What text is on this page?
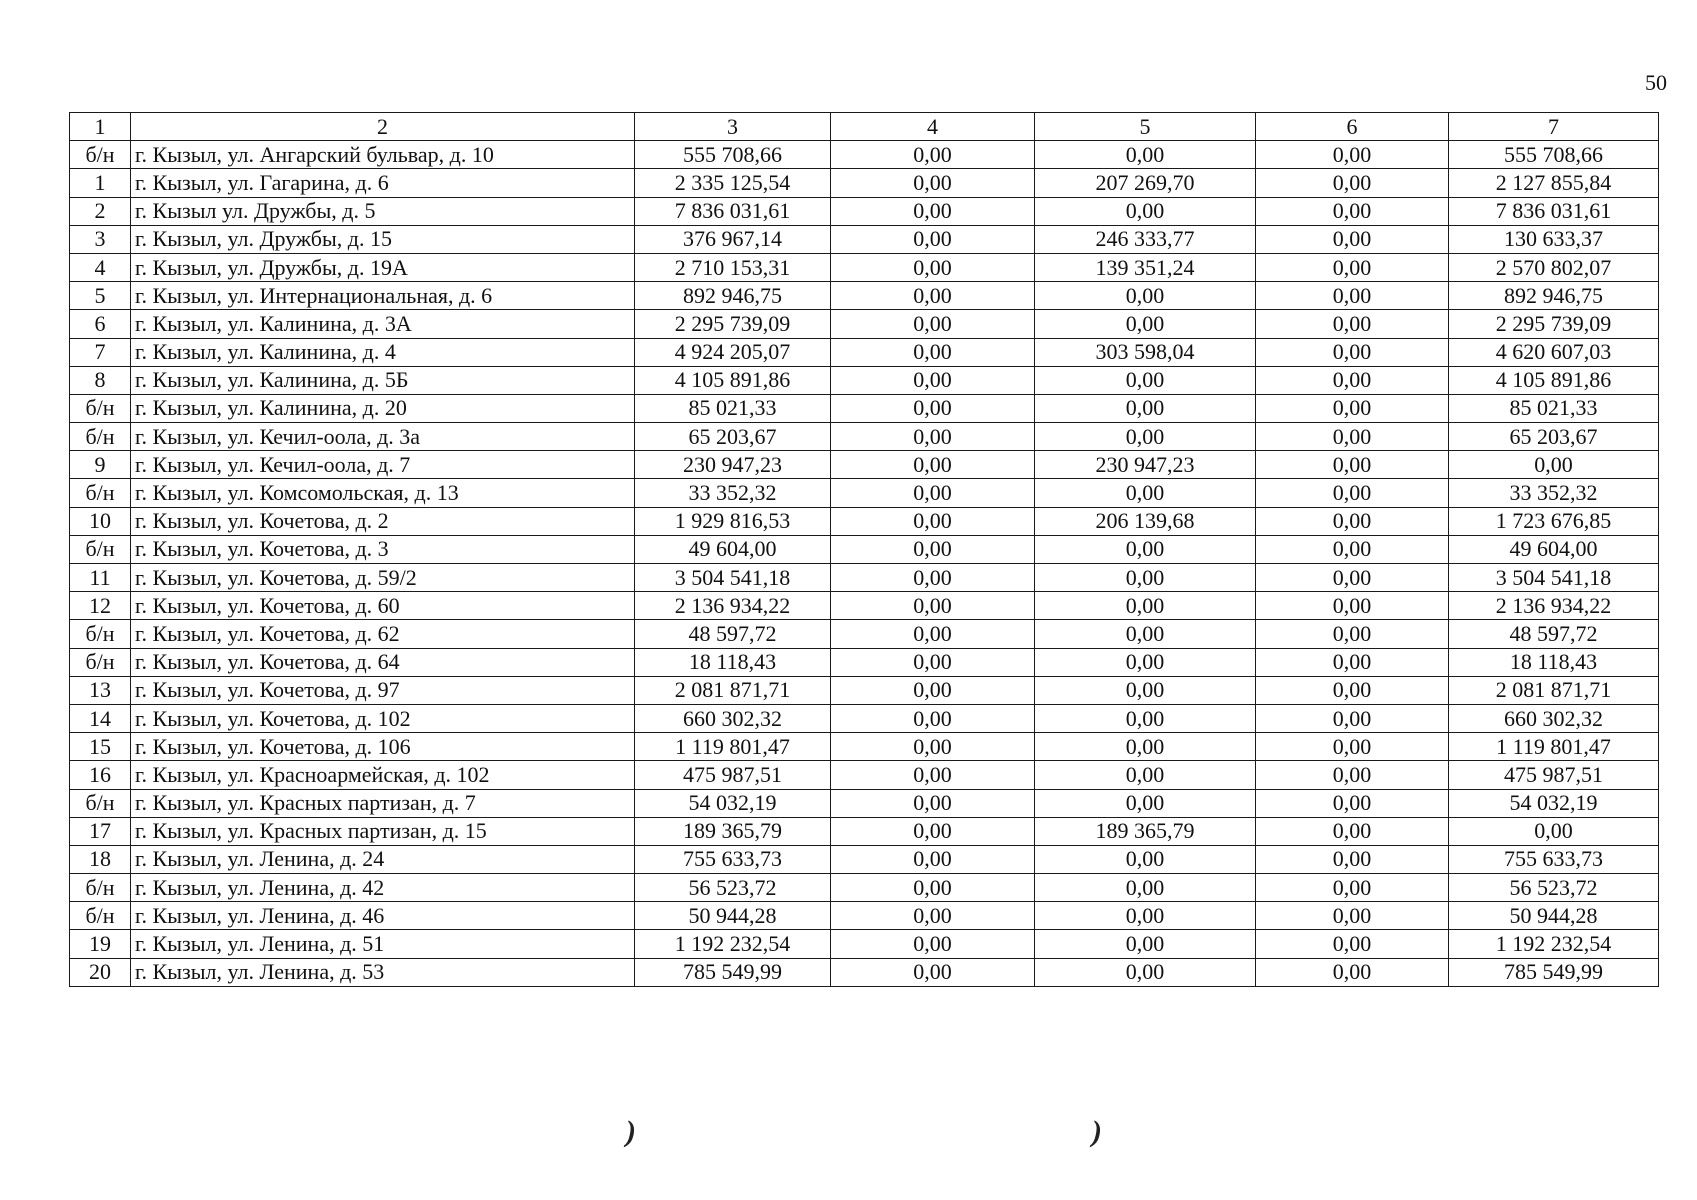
50
1	2	3	4	5	6	7
б/н	г. Кызыл, ул. Ангарский бульвар, д. 10	555 708,66	0,00	0,00	0,00	555 708,66
1	г. Кызыл, ул. Гагарина, д. 6	2 335 125,54	0,00	207 269,70	0,00	2 127 855,84
2	г. Кызыл ул. Дружбы, д. 5	7 836 031,61	0,00	0,00	0,00	7 836 031,61
3	г. Кызыл, ул. Дружбы, д. 15	376 967,14	0,00	246 333,77	0,00	130 633,37
4	г. Кызыл, ул. Дружбы, д. 19А	2 710 153,31	0,00	139 351,24	0,00	2 570 802,07
5	г. Кызыл, ул. Интернациональная, д. 6	892 946,75	0,00	0,00	0,00	892 946,75
6	г. Кызыл, ул. Калинина, д. 3А	2 295 739,09	0,00	0,00	0,00	2 295 739,09
7	г. Кызыл, ул. Калинина, д. 4	4 924 205,07	0,00	303 598,04	0,00	4 620 607,03
8	г. Кызыл, ул. Калинина, д. 5Б	4 105 891,86	0,00	0,00	0,00	4 105 891,86
б/н	г. Кызыл, ул. Калинина, д. 20	85 021,33	0,00	0,00	0,00	85 021,33
б/н	г. Кызыл, ул. Кечил-оола, д. 3а	65 203,67	0,00	0,00	0,00	65 203,67
9	г. Кызыл, ул. Кечил-оола, д. 7	230 947,23	0,00	230 947,23	0,00	0,00
б/н	г. Кызыл, ул. Комсомольская, д. 13	33 352,32	0,00	0,00	0,00	33 352,32
10	г. Кызыл, ул. Кочетова, д. 2	1 929 816,53	0,00	206 139,68	0,00	1 723 676,85
б/н	г. Кызыл, ул. Кочетова, д. 3	49 604,00	0,00	0,00	0,00	49 604,00
11	г. Кызыл, ул. Кочетова, д. 59/2	3 504 541,18	0,00	0,00	0,00	3 504 541,18
12	г. Кызыл, ул. Кочетова, д. 60	2 136 934,22	0,00	0,00	0,00	2 136 934,22
б/н	г. Кызыл, ул. Кочетова, д. 62	48 597,72	0,00	0,00	0,00	48 597,72
б/н	г. Кызыл, ул. Кочетова, д. 64	18 118,43	0,00	0,00	0,00	18 118,43
13	г. Кызыл, ул. Кочетова, д. 97	2 081 871,71	0,00	0,00	0,00	2 081 871,71
14	г. Кызыл, ул. Кочетова, д. 102	660 302,32	0,00	0,00	0,00	660 302,32
15	г. Кызыл, ул. Кочетова, д. 106	1 119 801,47	0,00	0,00	0,00	1 119 801,47
16	г. Кызыл, ул. Красноармейская, д. 102	475 987,51	0,00	0,00	0,00	475 987,51
б/н	г. Кызыл, ул. Красных партизан, д. 7	54 032,19	0,00	0,00	0,00	54 032,19
17	г. Кызыл, ул. Красных партизан, д. 15	189 365,79	0,00	189 365,79	0,00	0,00
18	г. Кызыл, ул. Ленина, д. 24	755 633,73	0,00	0,00	0,00	755 633,73
б/н	г. Кызыл, ул. Ленина, д. 42	56 523,72	0,00	0,00	0,00	56 523,72
б/н	г. Кызыл, ул. Ленина, д. 46	50 944,28	0,00	0,00	0,00	50 944,28
19	г. Кызыл, ул. Ленина, д. 51	1 192 232,54	0,00	0,00	0,00	1 192 232,54
20	г. Кызыл, ул. Ленина, д. 53	785 549,99	0,00	0,00	0,00	785 549,99
)	)
